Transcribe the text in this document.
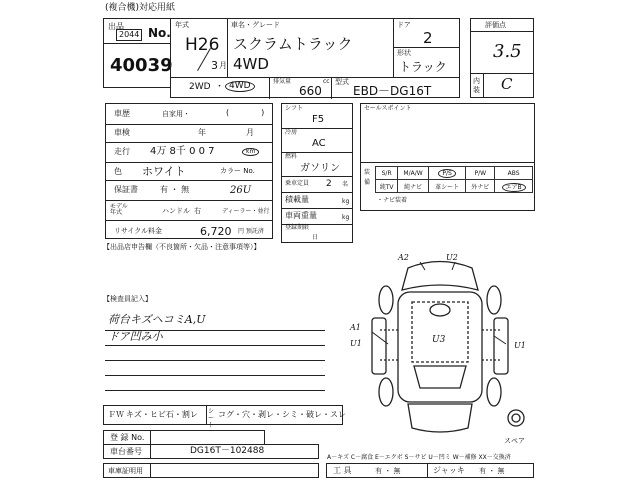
(複合機)対応用紙
出品
2044 No.
40039
年式
H26
3 月
車名・グレード
スクラムトラック
4WD
ドア
2
形状
トラック
2WD ・ 4WD	排気量
660
cc 型式
EBD－DG16T
評価点
3.5
内装 C
車歴	自家用・	(　　　　)
車検	年	月
走行 4万 8千 0 0 7	km
色 ホワイト	カラー No.
保証書	有 ・ 無	26U
モデル年式	ハンドル 右	ディーラー・並行
リサイクル料金	6,720 円 預託済
【出品店申告欄（不良箇所・欠品・注意事項等）】
シフト
F5
冷房
AC
燃料
ガソリン
乗車定員 2 名
積載量	kg
車両重量	kg
登録期限
日
セールスポイント
装備
S/R	M/A/W	P/S	P/W	ABS
純TV	純ナビ	革シート	外ナビ	エアB
・ナビ装着
【検査員記入】
荷台キズヘコミA,U
ドア凹み小
ＦＷ キズ・ヒビ石・割レ シート
コグ・穴・剥レ・シミ・破レ・スレ
A2	U2
A1
U1	U3
U1
スペア
A－キズ C－腐食 E－エクボ S－サビ U－凹ミ W－補修 XX－交換済
登 録 No.
車台番号	DG16T－102488
車庫証明用	工 具	有 ・ 無	ジャッキ 有 ・ 無
